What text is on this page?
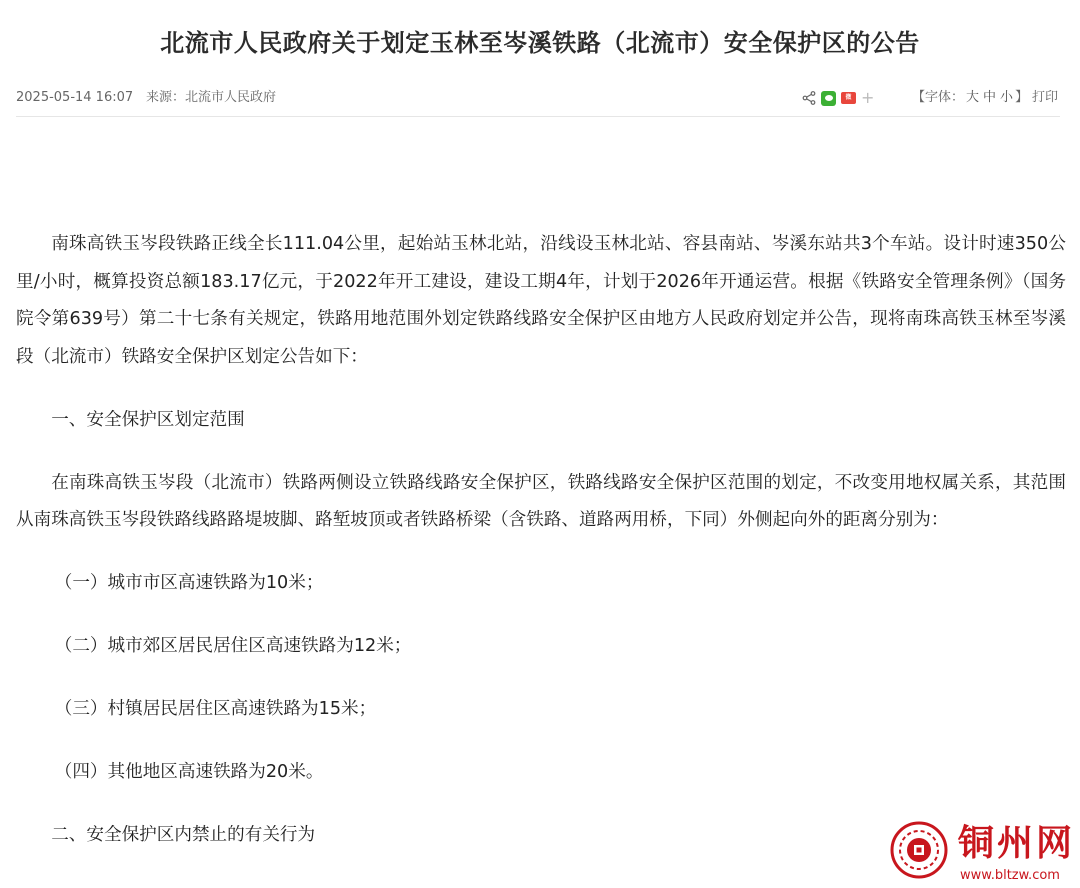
北流市人民政府关于划定玉林至岑溪铁路（北流市）安全保护区的公告
2025-05-14 16:07 来源：北流市人民政府	微 +	【字体： 大 中 小 】 打印

南珠高铁玉岑段铁路正线全长111.04公里，起始站玉林北站，沿线设玉林北站、容县南站、岑溪东站共3个车站。设计时速350公里/小时，概算投资总额183.17亿元，于2022年开工建设，建设工期4年，计划于2026年开通运营。根据《铁路安全管理条例》（国务院令第639号）第二十七条有关规定，铁路用地范围外划定铁路线路安全保护区由地方人民政府划定并公告，现将南珠高铁玉林至岑溪段（北流市）铁路安全保护区划定公告如下：

一、安全保护区划定范围

在南珠高铁玉岑段（北流市）铁路两侧设立铁路线路安全保护区，铁路线路安全保护区范围的划定，不改变用地权属关系，其范围从南珠高铁玉岑段铁路线路路堤坡脚、路堑坡顶或者铁路桥梁（含铁路、道路两用桥，下同）外侧起向外的距离分别为：

（一）城市市区高速铁路为10米；

（二）城市郊区居民居住区高速铁路为12米；

（三）村镇居民居住区高速铁路为15米；

（四）其他地区高速铁路为20米。

二、安全保护区内禁止的有关行为	铜州网
www.bltzw.com
